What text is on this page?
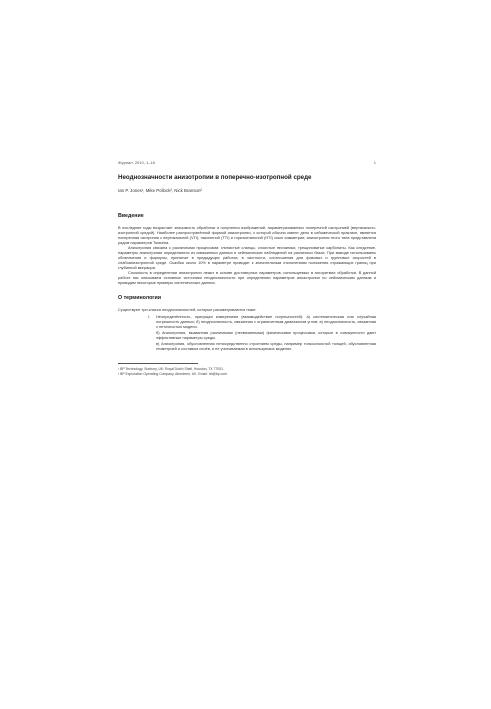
Журнал, 2010, 1–18	1
Неоднозначности анизотропии в поперечно-изотропной среде
Ian P. Jones¹, Mike Pollock², Nick Branson²
Введение

В последние годы возрастает значимость обработки и получения изображений, параметризованных поперечной изотропией (вертикально-изотропной средой). Наиболее распространённой формой анизотропии, с которой обычно имеют дело в сейсмической практике, является поперечная изотропия с вертикальной (VTI), наклонной (TTI) и горизонтальной (HTI) осью симметрии; анизотропия этого типа представлена рядом параметров Томсена.

Анизотропия связана с различными процессами: глинистые сланцы, слоистые песчаники, трещиноватые карбонаты. Как следствие, параметры анизотропии определяются из скважинных данных и сейсмических наблюдений на различных базах. При выводе использованы обозначения и формулы, принятые в предыдущих работах; в частности, соотношения для фазовых и групповых скоростей в слабоанизотропной среде. Ошибка около 10% в параметре приводит к значительным отклонениям положения отражающих границ при глубинной миграции.

Сложность в определении анизотропии лежит в основе достоверных параметров, используемых в алгоритмах обработки. В данной работе мы описываем основные источники неоднозначности при определении параметров анизотропии по сейсмическим данным и приводим некоторые примеры синтетических данных.

О терминологии

Существуют три класса неоднозначностей, которые рассматриваются ниже:

I.	Неопределённость, присущая измерениям (взаимодействие погрешностей): а) систематическая или случайная погрешность данных; б) неоднозначность, связанная с ограниченным диапазоном углов; в) неоднозначность, связанная с неточностью модели.
б) Анизотропия, вызванная различными (несвязанными) физическими процессами, которые в совокупности дают эффективные параметры среды.
в) Анизотропия, обусловленная непосредственно строением среды, например тонкослоистой толщей, обусловленная геометрией и составом слоёв, и не учитываемая в используемых моделях.
¹ BP Technology, Sunbury, UK; Royal Dutch Shell, Houston, TX 77001.
² BP Exploration Operating Company, Aberdeen, UK. Email: nb@bp.com
